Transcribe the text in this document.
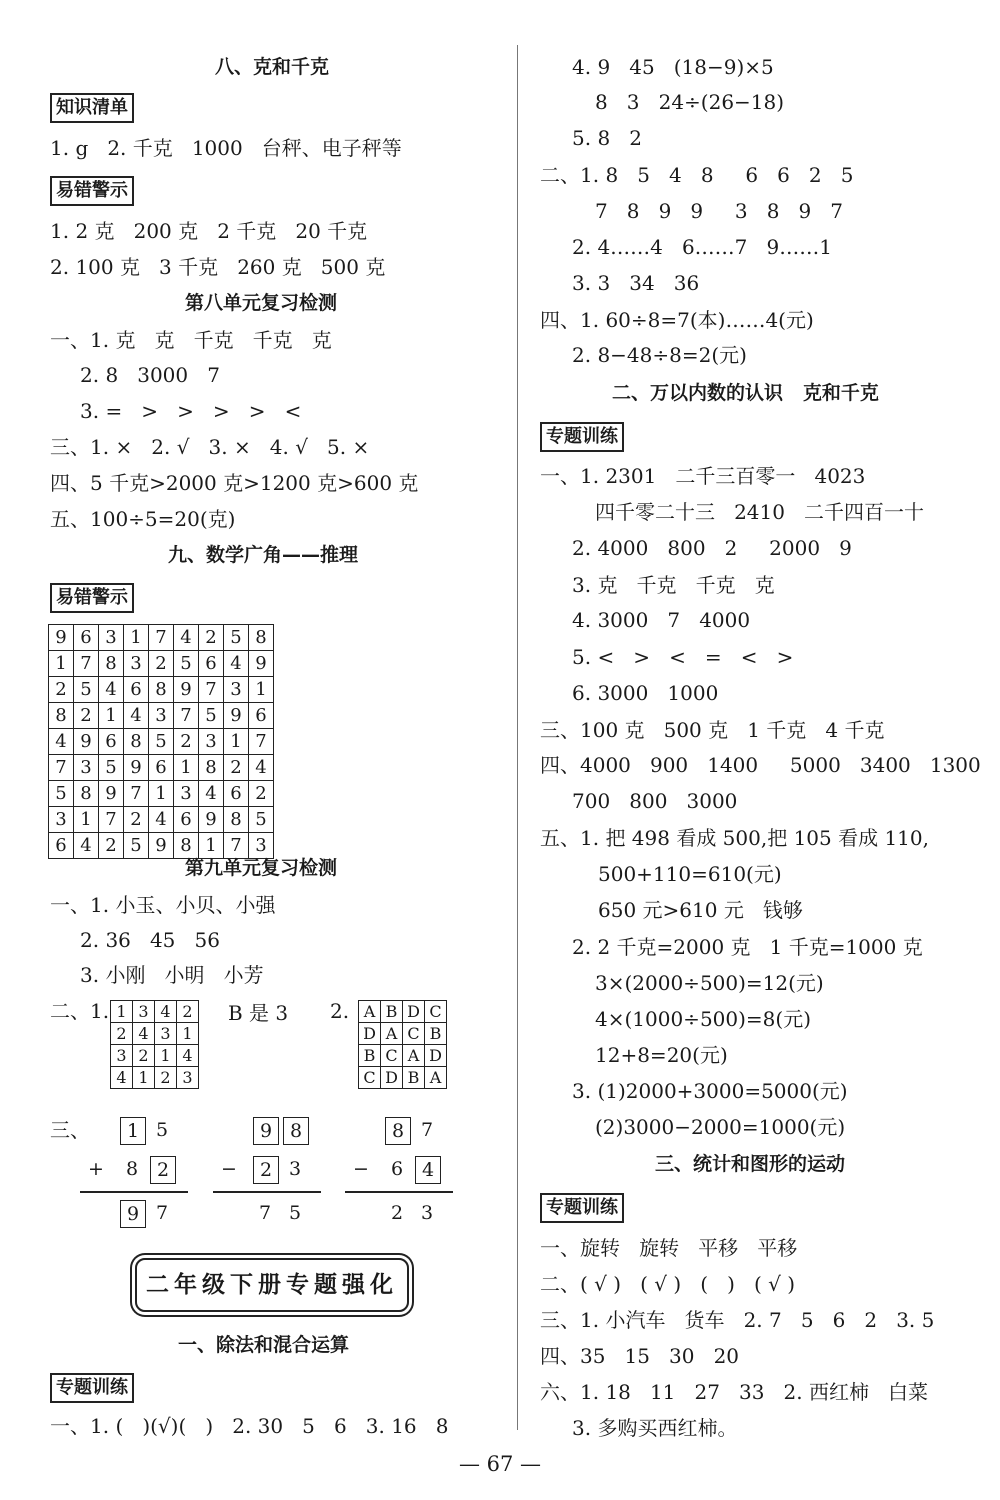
八、克和千克
知识清单
1. g   2. 千克   1000   台秤、电子秤等
易错警示
1. 2 克   200 克   2 千克   20 千克
2. 100 克   3 千克   260 克   500 克
第八单元复习检测
一、1. 克   克   千克   千克   克
2. 8   3000   7
3. =   >   >   >   >   <
三、1. ×   2. √   3. ×   4. √   5. ×
四、5 千克>2000 克>1200 克>600 克
五、100÷5=20(克)
九、数学广角——推理
易错警示
9	6	3	1	7	4	2	5	8
1	7	8	3	2	5	6	4	9
2	5	4	6	8	9	7	3	1
8	2	1	4	3	7	5	9	6
4	9	6	8	5	2	3	1	7
7	3	5	9	6	1	8	2	4
5	8	9	7	1	3	4	6	2
3	1	7	2	4	6	9	8	5
6	4	2	5	9	8	1	7	3
第九单元复习检测
一、1. 小玉、小贝、小强
2. 36   45   56
3. 小刚   小明   小芳
二、1. 1	3	4	2
2	4	3	1
3	2	1	4
4	1	2	3
B 是 3 2. A	B	D	C
D	A	C	B
B	C	A	D
C	D	B	A
三、	1 5
8 2
9 7
+
9 8
2 3
7 5
−
8 7
6 4
2 3
−
二年级下册专题强化
一、除法和混合运算
专题训练
一、1. (   )(√)(   )   2. 30   5   6   3. 16   8
4. 9   45   (18−9)×5
8   3   24÷(26−18)
5. 8   2
二、1. 8   5   4   8     6   6   2   5
7   8   9   9     3   8   9   7
2. 4……4   6……7   9……1
3. 3   34   36
四、1. 60÷8=7(本)……4(元)
2. 8−48÷8=2(元)
二、万以内数的认识   克和千克
专题训练
一、1. 2301   二千三百零一   4023
四千零二十三   2410   二千四百一十
2. 4000   800   2     2000   9
3. 克   千克   千克   克
4. 3000   7   4000
5. <   >   <   =   <   >
6. 3000   1000
三、100 克   500 克   1 千克   4 千克
四、4000   900   1400     5000   3400   1300
700   800   3000
五、1. 把 498 看成 500,把 105 看成 110,
500+110=610(元)
650 元>610 元   钱够
2. 2 千克=2000 克   1 千克=1000 克
3×(2000÷500)=12(元)
4×(1000÷500)=8(元)
12+8=20(元)
3. (1)2000+3000=5000(元)
(2)3000−2000=1000(元)
三、统计和图形的运动
专题训练
一、旋转   旋转   平移   平移
二、( √ )   ( √ )   (   )   ( √ )
三、1. 小汽车   货车   2. 7   5   6   2   3. 5
四、35   15   30   20
六、1. 18   11   27   33   2. 西红柿   白菜
3. 多购买西红柿。
— 67 —
